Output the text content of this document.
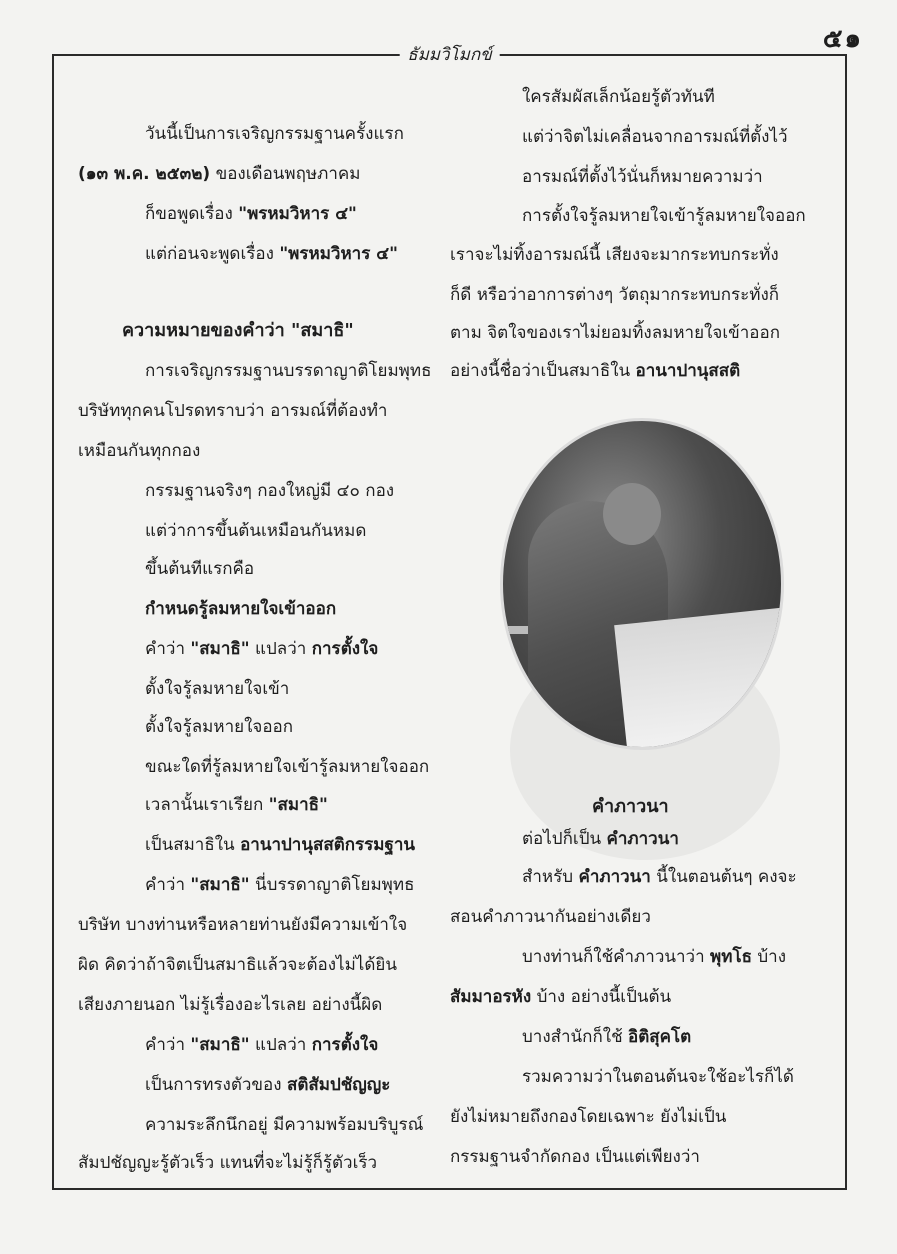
๕๑
ธัมมวิโมกข์
วันนี้เป็นการเจริญกรรมฐานครั้งแรก
(๑๓ พ.ค. ๒๕๓๒) ของเดือนพฤษภาคม
ก็ขอพูดเรื่อง "พรหมวิหาร ๔"
แต่ก่อนจะพูดเรื่อง "พรหมวิหาร ๔"
ความหมายของคำว่า "สมาธิ"
การเจริญกรรมฐานบรรดาญาติโยมพุทธ
บริษัททุกคนโปรดทราบว่า อารมณ์ที่ต้องทำ
เหมือนกันทุกกอง
กรรมฐานจริงๆ กองใหญ่มี ๔๐ กอง
แต่ว่าการขึ้นต้นเหมือนกันหมด
ขึ้นต้นทีแรกคือ
กำหนดรู้ลมหายใจเข้าออก
คำว่า "สมาธิ" แปลว่า การตั้งใจ
ตั้งใจรู้ลมหายใจเข้า
ตั้งใจรู้ลมหายใจออก
ขณะใดที่รู้ลมหายใจเข้ารู้ลมหายใจออก
เวลานั้นเราเรียก "สมาธิ"
เป็นสมาธิใน อานาปานุสสติกรรมฐาน
คำว่า "สมาธิ" นี่บรรดาญาติโยมพุทธ
บริษัท บางท่านหรือหลายท่านยังมีความเข้าใจ
ผิด คิดว่าถ้าจิตเป็นสมาธิแล้วจะต้องไม่ได้ยิน
เสียงภายนอก ไม่รู้เรื่องอะไรเลย อย่างนี้ผิด
คำว่า "สมาธิ" แปลว่า การตั้งใจ
เป็นการทรงตัวของ สติสัมปชัญญะ
ความระลึกนึกอยู่ มีความพร้อมบริบูรณ์
สัมปชัญญะรู้ตัวเร็ว แทนที่จะไม่รู้ก็รู้ตัวเร็ว
ใครสัมผัสเล็กน้อยรู้ตัวทันที
แต่ว่าจิตไม่เคลื่อนจากอารมณ์ที่ตั้งไว้
อารมณ์ที่ตั้งไว้นั่นก็หมายความว่า
การตั้งใจรู้ลมหายใจเข้ารู้ลมหายใจออก
เราจะไม่ทิ้งอารมณ์นี้ เสียงจะมากระทบกระทั่ง
ก็ดี หรือว่าอาการต่างๆ วัตถุมากระทบกระทั่งก็
ตาม จิตใจของเราไม่ยอมทิ้งลมหายใจเข้าออก
อย่างนี้ชื่อว่าเป็นสมาธิใน อานาปานุสสติ
คำภาวนา
ต่อไปก็เป็น คำภาวนา
สำหรับ คำภาวนา นี้ในตอนต้นๆ คงจะ
สอนคำภาวนากันอย่างเดียว
บางท่านก็ใช้คำภาวนาว่า พุทโธ บ้าง
สัมมาอรหัง บ้าง อย่างนี้เป็นต้น
บางสำนักก็ใช้ อิติสุคโต
รวมความว่าในตอนต้นจะใช้อะไรก็ได้
ยังไม่หมายถึงกองโดยเฉพาะ ยังไม่เป็น
กรรมฐานจำกัดกอง เป็นแต่เพียงว่า
